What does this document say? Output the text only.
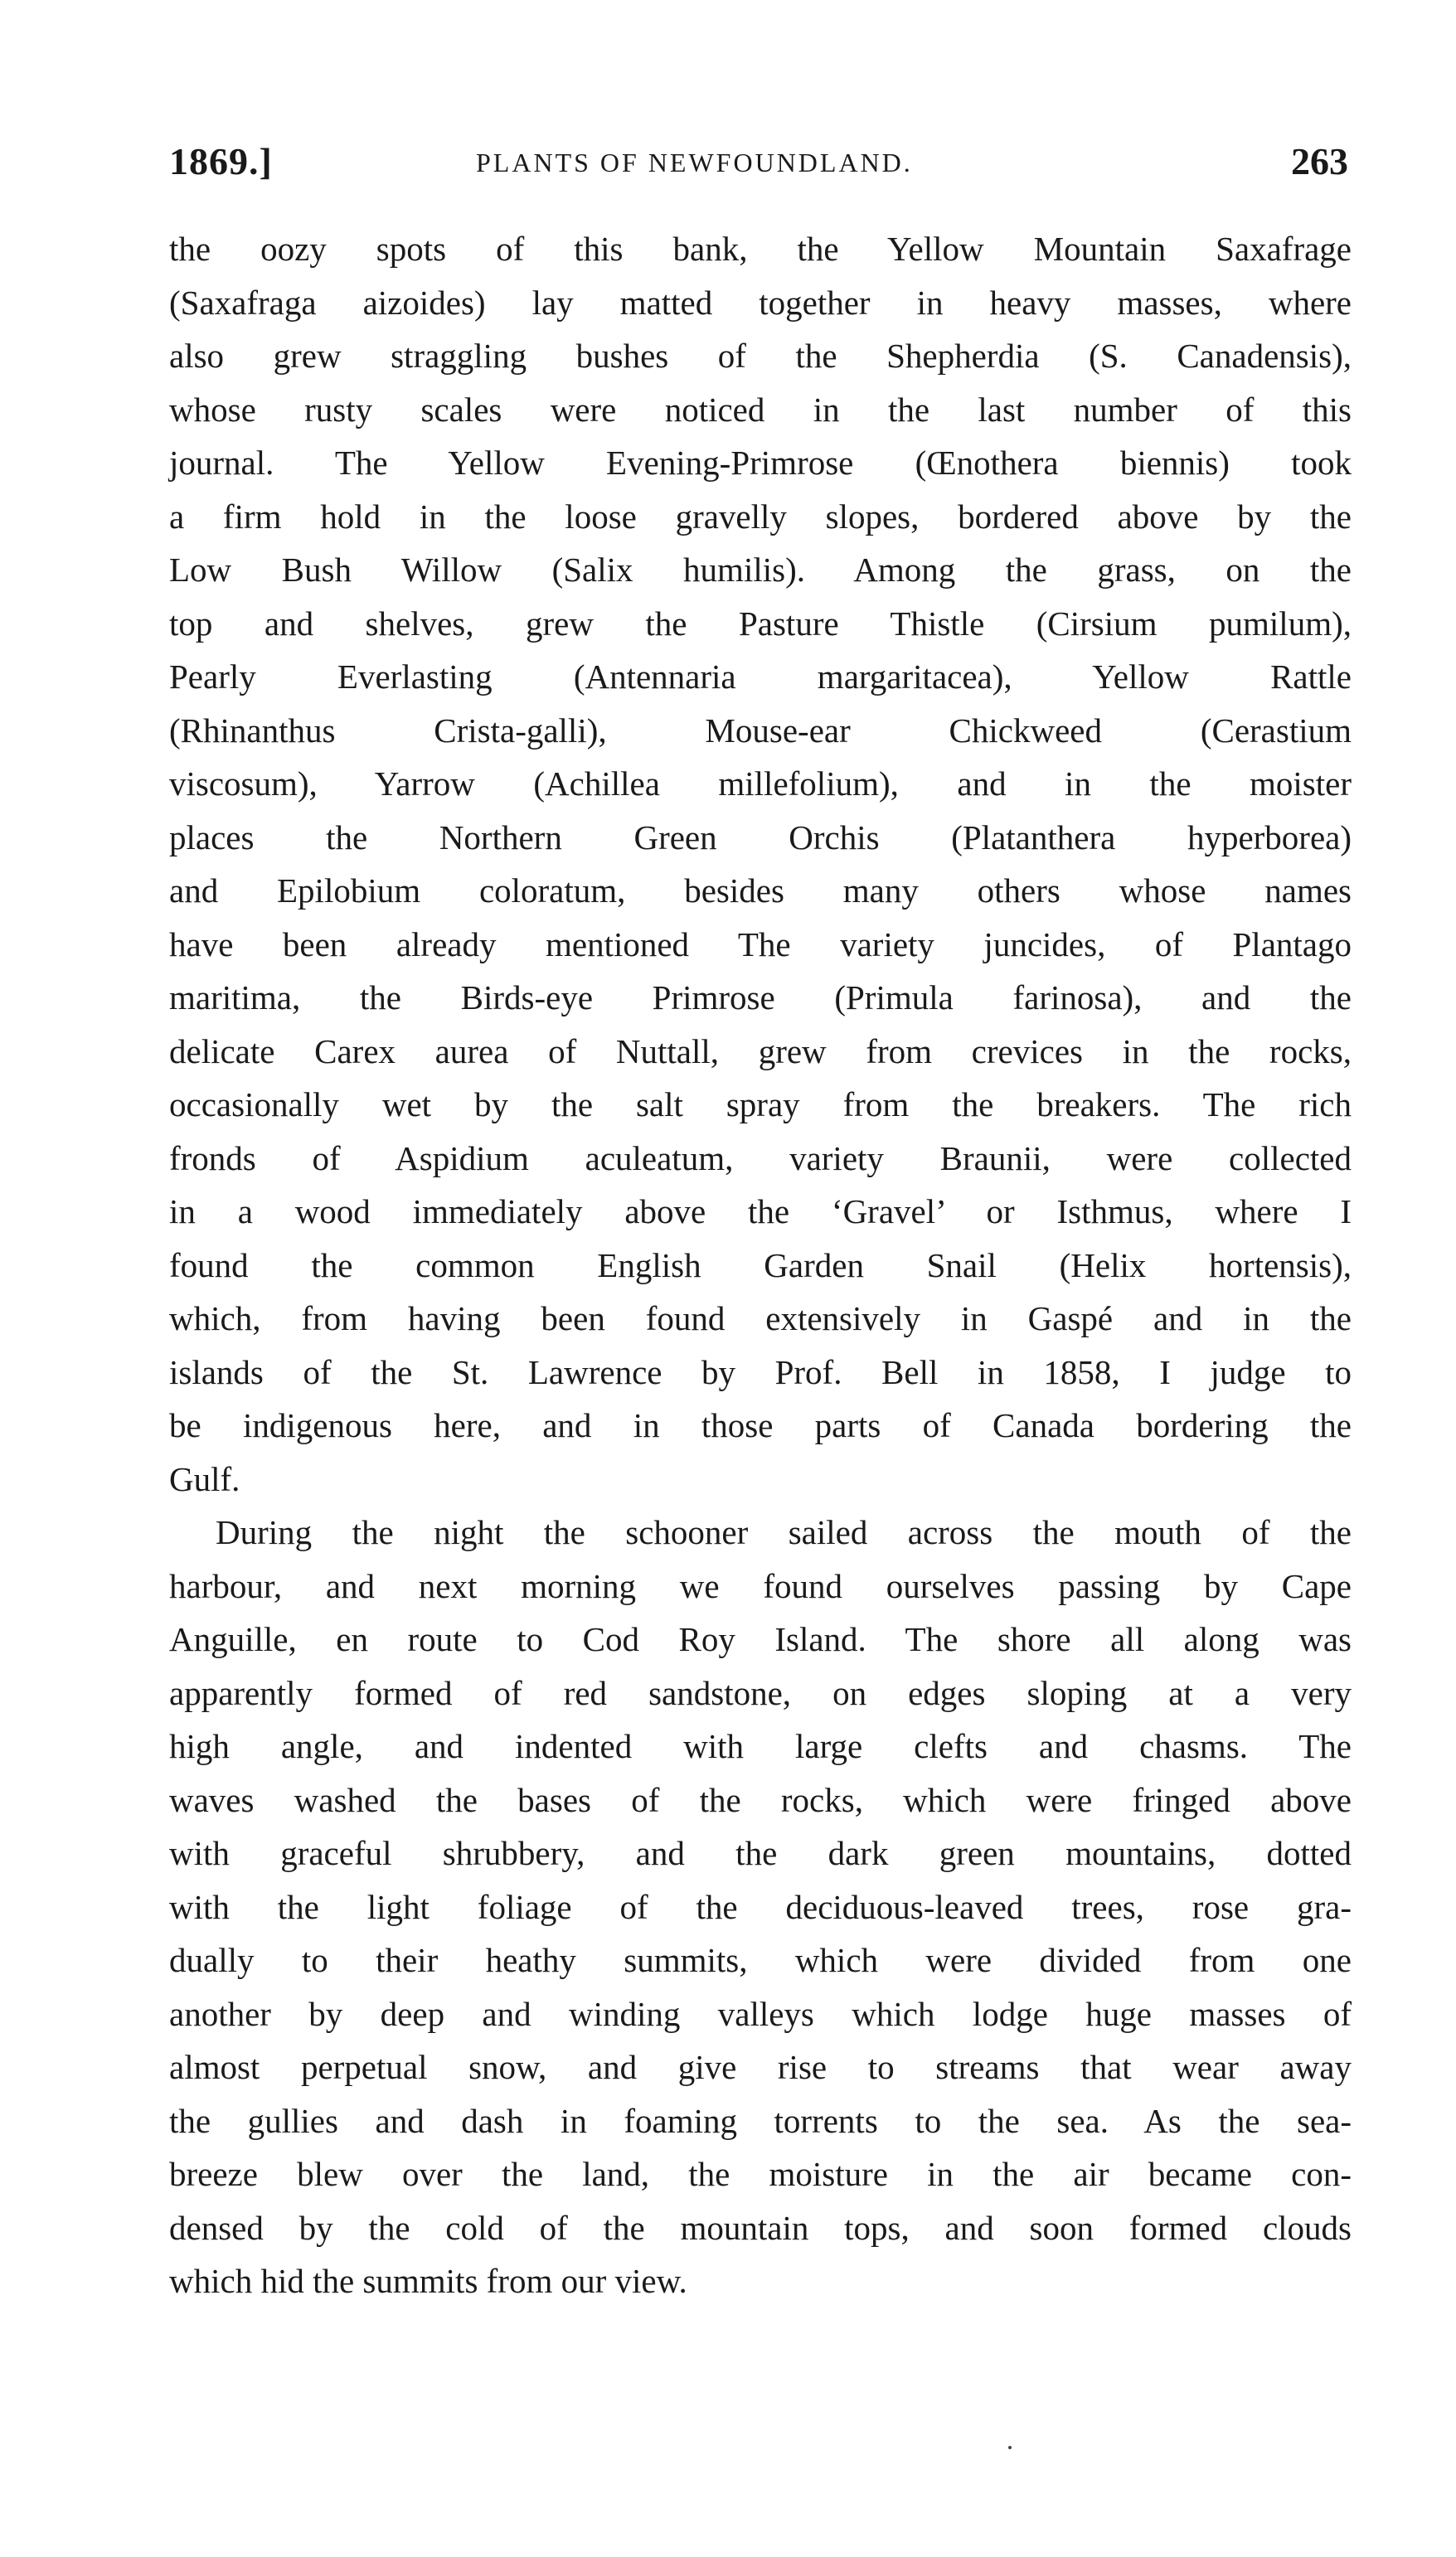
1869.]	PLANTS OF NEWFOUNDLAND.	263
the oozy spots of this bank, the Yellow Mountain Saxafrage
(Saxafraga aizoides) lay matted together in heavy masses, where
also grew straggling bushes of the Shepherdia (S. Canadensis),
whose rusty scales were noticed in the last number of this
journal. The Yellow Evening-Primrose (Œnothera biennis) took
a firm hold in the loose gravelly slopes, bordered above by the
Low Bush Willow (Salix humilis). Among the grass, on the
top and shelves, grew the Pasture Thistle (Cirsium pumilum),
Pearly Everlasting (Antennaria margaritacea), Yellow Rattle
(Rhinanthus Crista-galli), Mouse-ear Chickweed (Cerastium
viscosum), Yarrow (Achillea millefolium), and in the moister
places the Northern Green Orchis (Platanthera hyperborea)
and Epilobium coloratum, besides many others whose names
have been already mentioned The variety juncides, of Plantago
maritima, the Birds-eye Primrose (Primula farinosa), and the
delicate Carex aurea of Nuttall, grew from crevices in the rocks,
occasionally wet by the salt spray from the breakers. The rich
fronds of Aspidium aculeatum, variety Braunii, were collected
in a wood immediately above the ‘Gravel’ or Isthmus, where I
found the common English Garden Snail (Helix hortensis),
which, from having been found extensively in Gaspé and in the
islands of the St. Lawrence by Prof. Bell in 1858, I judge to
be indigenous here, and in those parts of Canada bordering the
Gulf.
During the night the schooner sailed across the mouth of the
harbour, and next morning we found ourselves passing by Cape
Anguille, en route to Cod Roy Island. The shore all along was
apparently formed of red sandstone, on edges sloping at a very
high angle, and indented with large clefts and chasms. The
waves washed the bases of the rocks, which were fringed above
with graceful shrubbery, and the dark green mountains, dotted
with the light foliage of the deciduous-leaved trees, rose gra-
dually to their heathy summits, which were divided from one
another by deep and winding valleys which lodge huge masses of
almost perpetual snow, and give rise to streams that wear away
the gullies and dash in foaming torrents to the sea. As the sea-
breeze blew over the land, the moisture in the air became con-
densed by the cold of the mountain tops, and soon formed clouds
which hid the summits from our view.
